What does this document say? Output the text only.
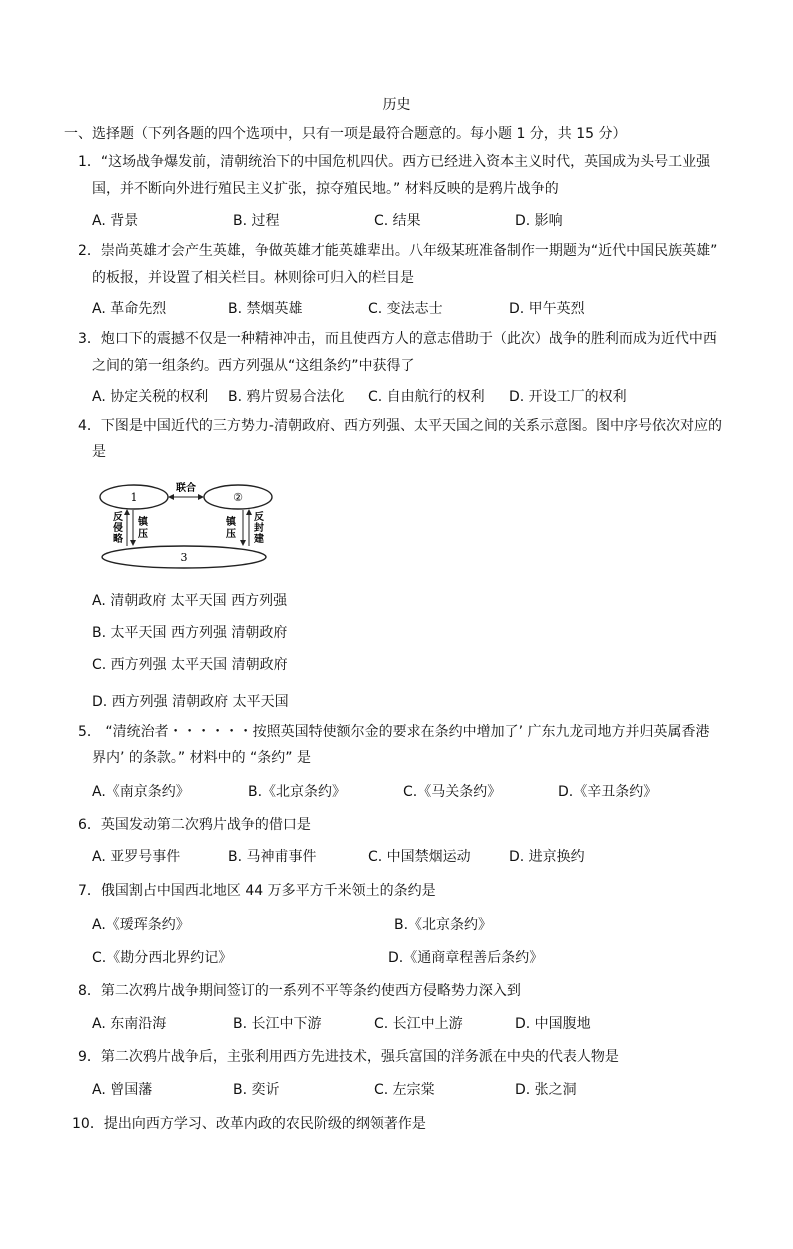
历史
一、选择题（下列各题的四个选项中，只有一项是最符合题意的。每小题 1 分，共 15 分）
1．“这场战争爆发前，清朝统治下的中国危机四伏。西方已经进入资本主义时代，英国成为头号工业强
国，并不断向外进行殖民主义扩张，掠夺殖民地。” 材料反映的是鸦片战争的
A. 背景	B. 过程	C. 结果	D. 影响
2．崇尚英雄才会产生英雄，争做英雄才能英雄辈出。八年级某班准备制作一期题为“近代中国民族英雄”
的板报，并设置了相关栏目。林则徐可归入的栏目是
A. 革命先烈	B. 禁烟英雄	C. 变法志士	D. 甲午英烈
3．炮口下的震撼不仅是一种精神冲击，而且使西方人的意志借助于（此次）战争的胜利而成为近代中西
之间的第一组条约。西方列强从“这组条约”中获得了
A. 协定关税的权利 B. 鸦片贸易合法化 C. 自由航行的权利 D. 开设工厂的权利
4．下图是中国近代的三方势力-清朝政府、西方列强、太平天国之间的关系示意图。图中序号依次对应的
是
1	②
3
联合
反侵略
镇压
镇压
反封建
A. 清朝政府 太平天国 西方列强
B. 太平天国 西方列强 清朝政府
C. 西方列强 太平天国 清朝政府
D. 西方列强 清朝政府 太平天国
5． “清统治者・・・・・・按照英国特使额尔金的要求在条约中增加了’ 广东九龙司地方并归英属香港
界内’ 的条款。” 材料中的 “条约” 是
A.《南京条约》	B.《北京条约》	C.《马关条约》	D.《辛丑条约》
6．英国发动第二次鸦片战争的借口是
A. 亚罗号事件	B. 马神甫事件	C. 中国禁烟运动	D. 进京换约
7．俄国割占中国西北地区 44 万多平方千米领土的条约是
A.《瑷珲条约》	B.《北京条约》
C.《勘分西北界约记》	D.《通商章程善后条约》
8．第二次鸦片战争期间签订的一系列不平等条约使西方侵略势力深入到
A. 东南沿海	B. 长江中下游	C. 长江中上游	D. 中国腹地
9．第二次鸦片战争后，主张利用西方先进技术，强兵富国的洋务派在中央的代表人物是
A. 曾国藩	B. 奕䜣	C. 左宗棠	D. 张之洞
10．提出向西方学习、改革内政的农民阶级的纲领著作是
